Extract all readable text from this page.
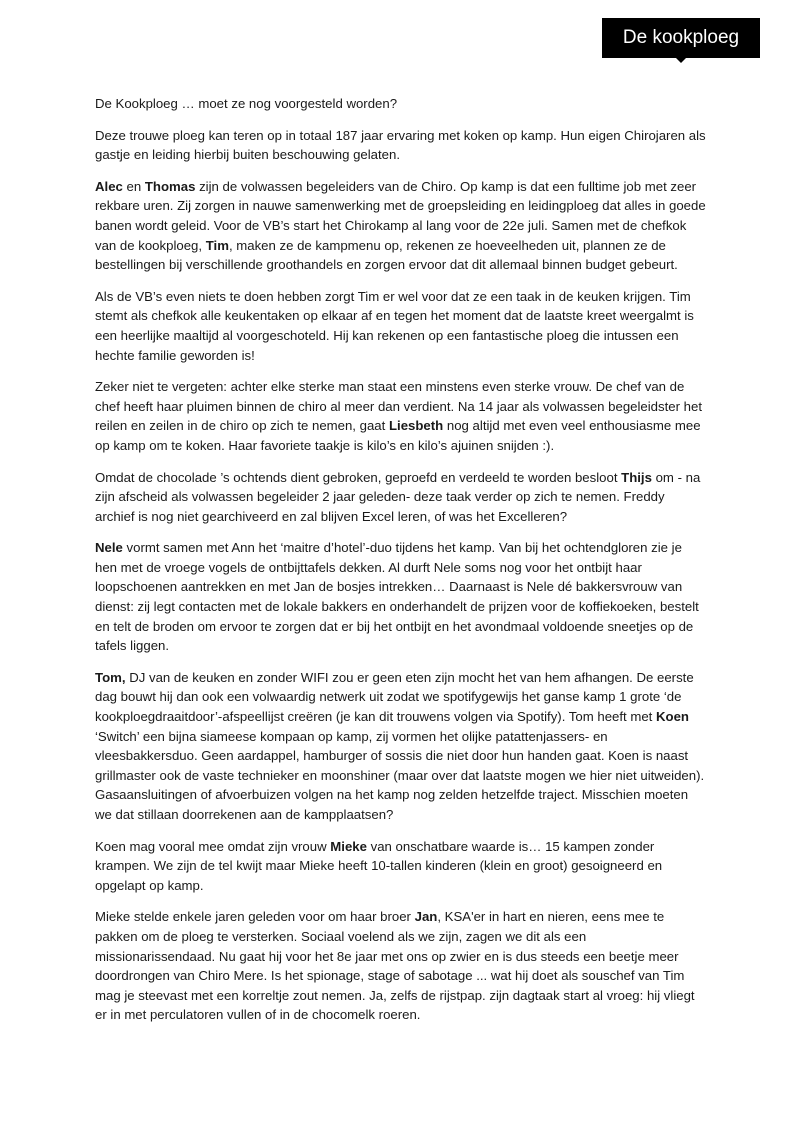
De kookploeg

De Kookploeg … moet ze nog voorgesteld worden?

Deze trouwe ploeg kan teren op in totaal 187 jaar ervaring met koken op kamp. Hun eigen Chirojaren als gastje en leiding hierbij buiten beschouwing gelaten.

Alec en Thomas zijn de volwassen begeleiders van de Chiro. Op kamp is dat een fulltime job met zeer rekbare uren. Zij zorgen in nauwe samenwerking met de groepsleiding en leidingploeg dat alles in goede banen wordt geleid. Voor de VB’s start het Chirokamp al lang voor de 22e juli. Samen met de chefkok van de kookploeg, Tim, maken ze de kampmenu op, rekenen ze hoeveelheden uit, plannen ze de bestellingen bij verschillende groothandels en zorgen ervoor dat dit allemaal binnen budget gebeurt.

Als de VB’s even niets te doen hebben zorgt Tim er wel voor dat ze een taak in de keuken krijgen. Tim stemt als chefkok alle keukentaken op elkaar af en tegen het moment dat de laatste kreet weergalmt is een heerlijke maaltijd al voorgeschoteld. Hij kan rekenen op een fantastische ploeg die intussen een hechte familie geworden is!

Zeker niet te vergeten: achter elke sterke man staat een minstens even sterke vrouw. De chef van de chef heeft haar pluimen binnen de chiro al meer dan verdient. Na 14 jaar als volwassen begeleidster het reilen en zeilen in de chiro op zich te nemen, gaat Liesbeth nog altijd met even veel enthousiasme mee op kamp om te koken. Haar favoriete taakje is kilo’s en kilo’s ajuinen snijden :).

Omdat de chocolade ’s ochtends dient gebroken, geproefd en verdeeld te worden besloot Thijs om - na zijn afscheid als volwassen begeleider 2 jaar geleden- deze taak verder op zich te nemen. Freddy archief is nog niet gearchiveerd en zal blijven Excel leren, of was het Excelleren?

Nele vormt samen met Ann het ‘maitre d’hotel’-duo tijdens het kamp. Van bij het ochtendgloren zie je hen met de vroege vogels de ontbijttafels dekken. Al durft Nele soms nog voor het ontbijt haar loopschoenen aantrekken en met Jan de bosjes intrekken… Daarnaast is Nele dé bakkersvrouw van dienst: zij legt contacten met de lokale bakkers en onderhandelt de prijzen voor de koffiekoeken, bestelt en telt de broden om ervoor te zorgen dat er bij het ontbijt en het avondmaal voldoende sneetjes op de tafels liggen.

Tom, DJ van de keuken en zonder WIFI zou er geen eten zijn mocht het van hem afhangen. De eerste dag bouwt hij dan ook een volwaardig netwerk uit zodat we spotifygewijs het ganse kamp 1 grote ‘de kookploegdraaitdoor’-afspeellijst creëren (je kan dit trouwens volgen via Spotify). Tom heeft met Koen ‘Switch’ een bijna siameese kompaan op kamp, zij vormen het olijke patattenjassers- en vleesbakkersduo. Geen aardappel, hamburger of sossis die niet door hun handen gaat. Koen is naast grillmaster ook de vaste technieker en moonshiner (maar over dat laatste mogen we hier niet uitweiden). Gasaansluitingen of afvoerbuizen volgen na het kamp nog zelden hetzelfde traject. Misschien moeten we dat stillaan doorrekenen aan de kampplaatsen?

Koen mag vooral mee omdat zijn vrouw Mieke van onschatbare waarde is… 15 kampen zonder krampen. We zijn de tel kwijt maar Mieke heeft 10-tallen kinderen (klein en groot) gesoigneerd en opgelapt op kamp.

Mieke stelde enkele jaren geleden voor om haar broer Jan, KSA'er in hart en nieren, eens mee te pakken om de ploeg te versterken. Sociaal voelend als we zijn, zagen we dit als een missionarissendaad. Nu gaat hij voor het 8e jaar met ons op zwier en is dus steeds een beetje meer doordrongen van Chiro Mere. Is het spionage, stage of sabotage ... wat hij doet als souschef van Tim mag je steevast met een korreltje zout nemen. Ja, zelfs de rijstpap. zijn dagtaak start al vroeg: hij vliegt er in met perculatoren vullen of in de chocomelk roeren.
